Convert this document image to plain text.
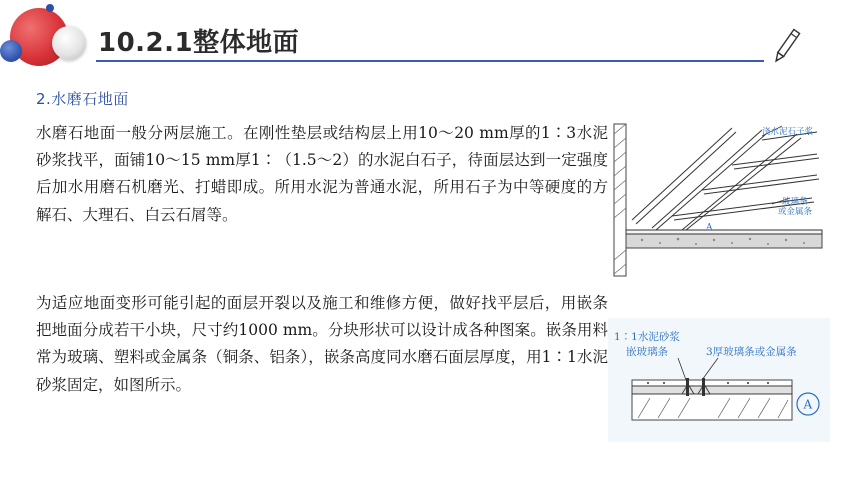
10.2.1整体地面
2.水磨石地面

水磨石地面一般分两层施工。在刚性垫层或结构层上用10～20 mm厚的1∶3水泥砂浆找平，面铺10～15 mm厚1∶（1.5～2）的水泥白石子，待面层达到一定强度后加水用磨石机磨光、打蜡即成。所用水泥为普通水泥，所用石子为中等硬度的方解石、大理石、白云石屑等。

为适应地面变形可能引起的面层开裂以及施工和维修方便，做好找平层后，用嵌条把地面分成若干小块，尺寸约1000 mm。分块形状可以设计成各种图案。嵌条用料常为玻璃、塑料或金属条（铜条、铝条），嵌条高度同水磨石面层厚度，用1∶1水泥砂浆固定，如图所示。

浇水泥石子浆
玻璃条
或金属条
A
1∶1水泥砂浆
嵌玻璃条	3厚玻璃条或金属条
A
